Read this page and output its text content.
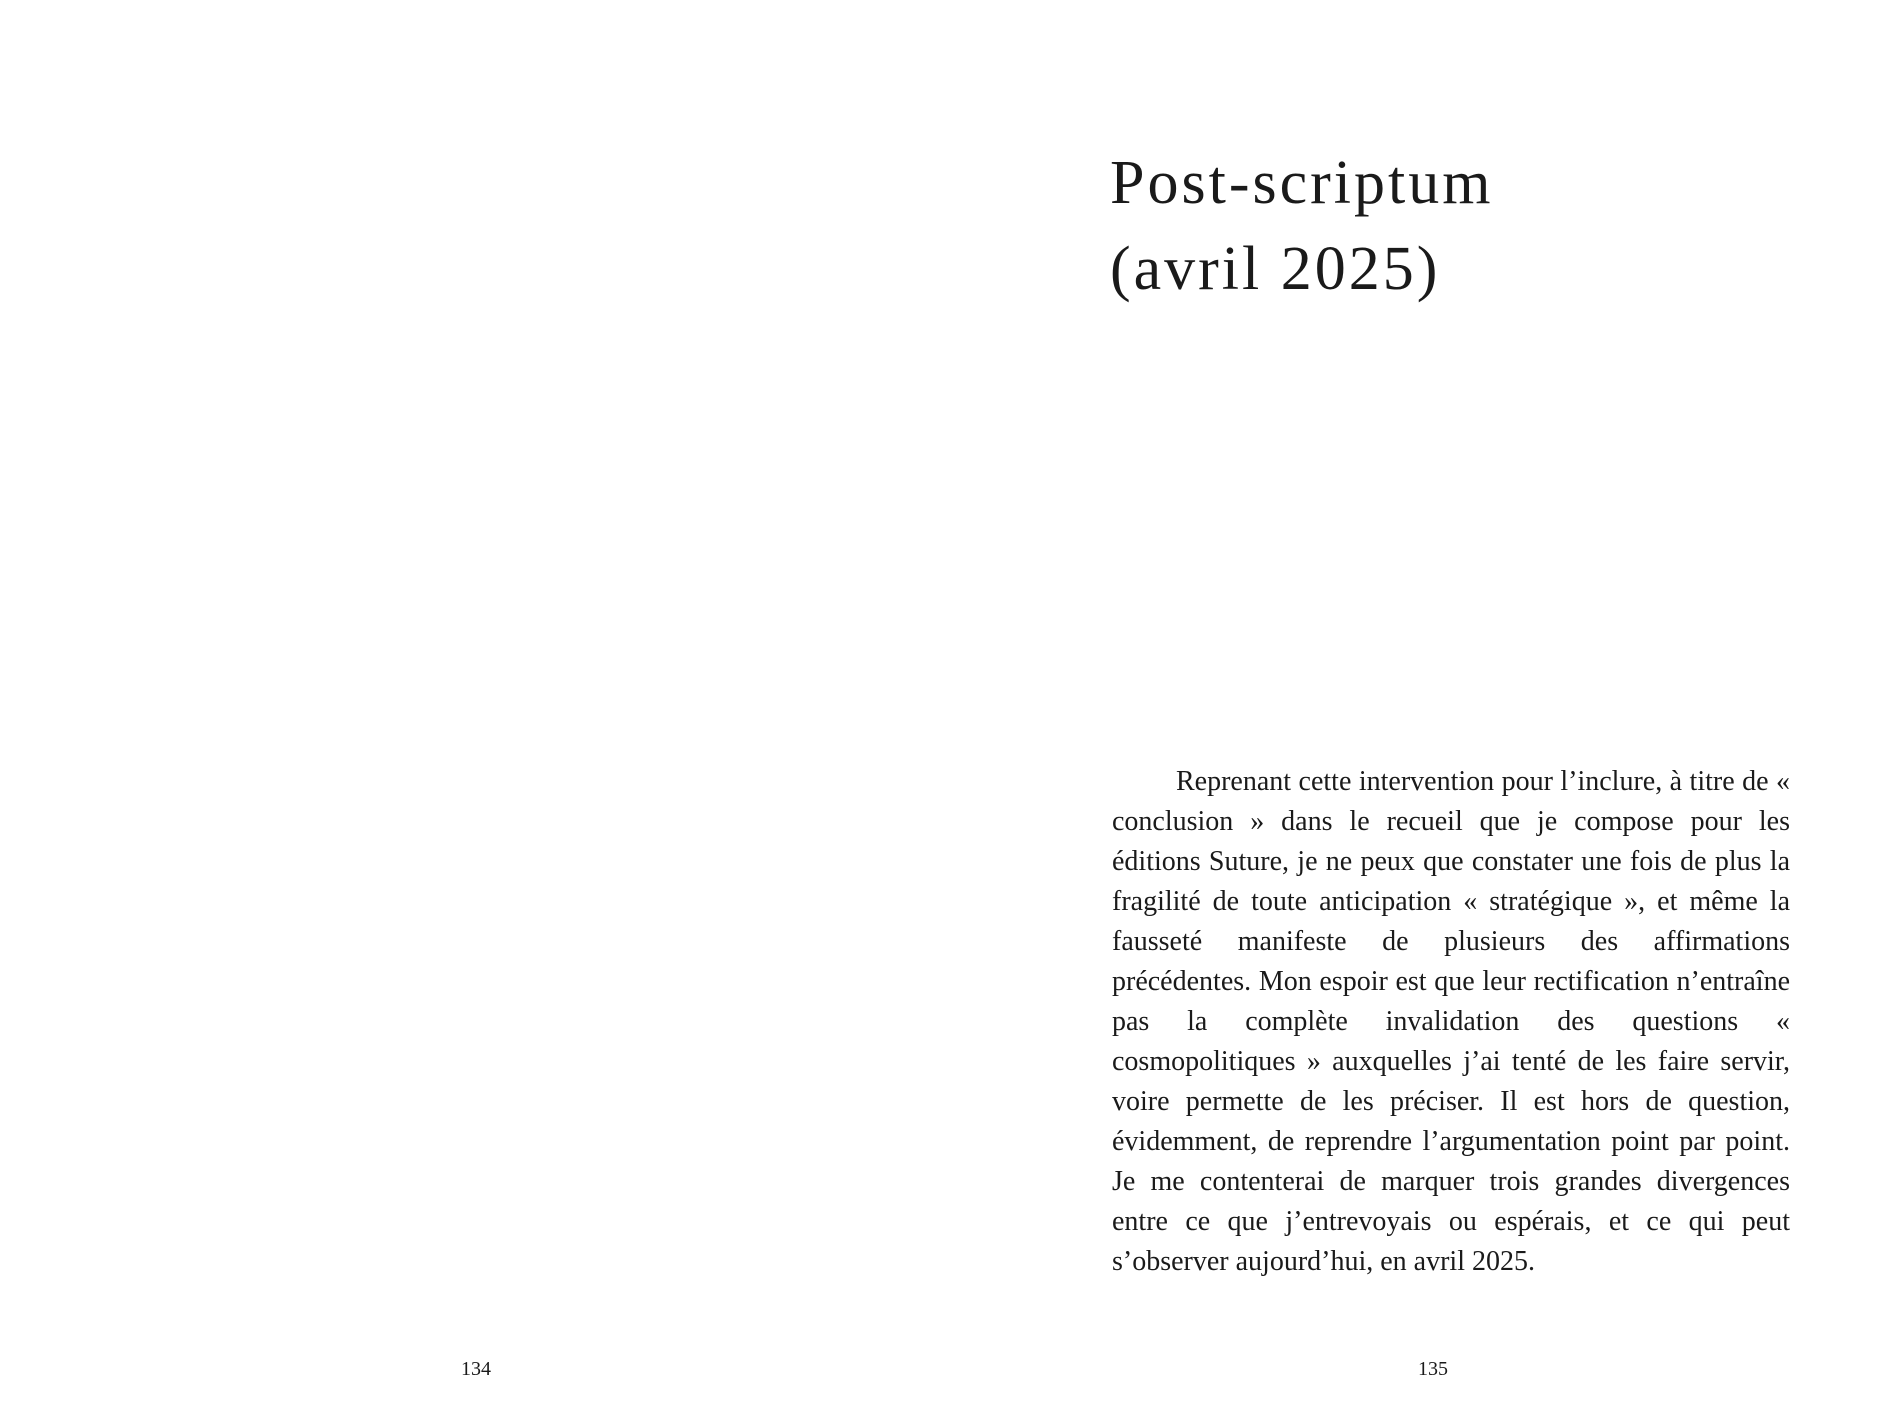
134
Post-scriptum
(avril 2025)

Reprenant cette intervention pour l’inclure, à titre de « conclusion » dans le recueil que je compose pour les éditions Suture, je ne peux que constater une fois de plus la fragilité de toute anticipation « stratégique », et même la fausseté manifeste de plusieurs des affirmations précédentes. Mon espoir est que leur rectification n’entraîne pas la complète invalidation des questions « cosmopolitiques » auxquelles j’ai tenté de les faire servir, voire permette de les préciser. Il est hors de question, évidemment, de reprendre l’argumentation point par point. Je me contenterai de marquer trois grandes divergences entre ce que j’entrevoyais ou espérais, et ce qui peut s’observer aujourd’hui, en avril 2025.

135
